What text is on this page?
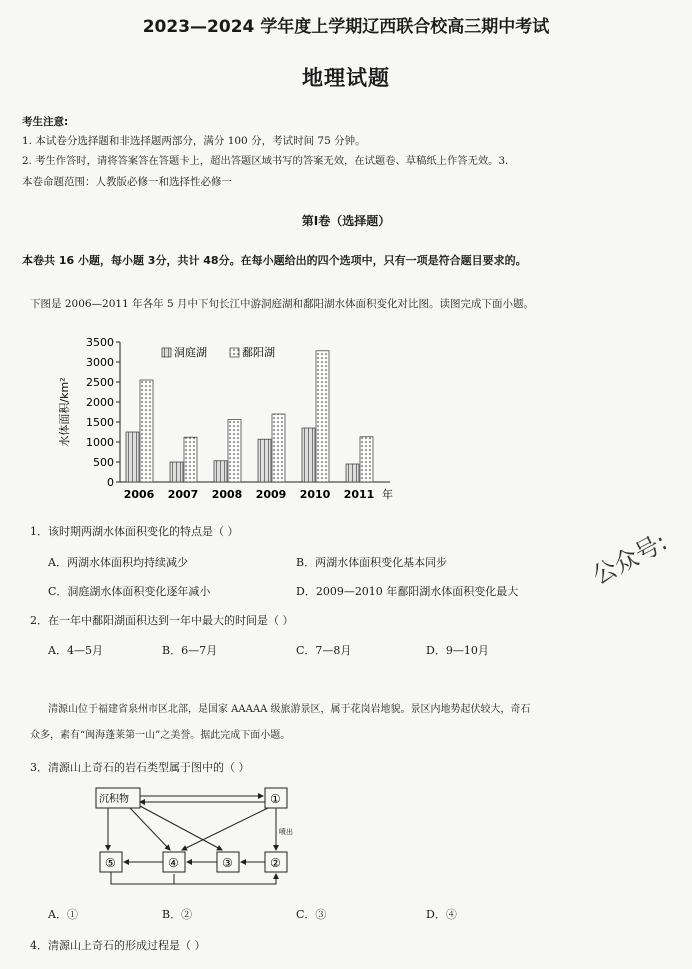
2023—2024 学年度上学期辽西联合校高三期中考试
地理试题
考生注意:
1. 本试卷分选择题和非选择题两部分，满分 100 分，考试时间 75 分钟。
2. 考生作答时，请将答案答在答题卡上，超出答题区域书写的答案无效，在试题卷、草稿纸上作答无效。3.
本卷命题范围：人教版必修一和选择性必修一
第Ⅰ卷（选择题）
本卷共 16 小题，每小题 3分，共计 48分。在每小题给出的四个选项中，只有一项是符合题目要求的。
下图是 2006—2011 年各年 5 月中下旬长江中游洞庭湖和鄱阳湖水体面积变化对比图。读图完成下面小题。
0
500
1000
1500
2000
2500
3000
3500
2006 2007 2008 2009 2010 2011
水体面积/km²
年
洞庭湖	鄱阳湖
1．该时期两湖水体面积变化的特点是（ ）
A．两湖水体面积均持续减少	B．两湖水体面积变化基本同步
C．洞庭湖水体面积变化逐年减小	D．2009—2010 年鄱阳湖水体面积变化最大
2．在一年中鄱阳湖面积达到一年中最大的时间是（ ）
A．4—5月	B．6—7月	C．7—8月	D．9—10月
清源山位于福建省泉州市区北部，是国家 AAAAA 级旅游景区，属于花岗岩地貌。景区内地势起伏较大，奇石
众多，素有“闽海蓬莱第一山”之美誉。据此完成下面小题。
3．清源山上奇石的岩石类型属于图中的（ ）
沉积物	①
⑤	④	③	②
喷出
A．①	B．②	C．③	D．④
4．清源山上奇石的形成过程是（ ）
公众号:
